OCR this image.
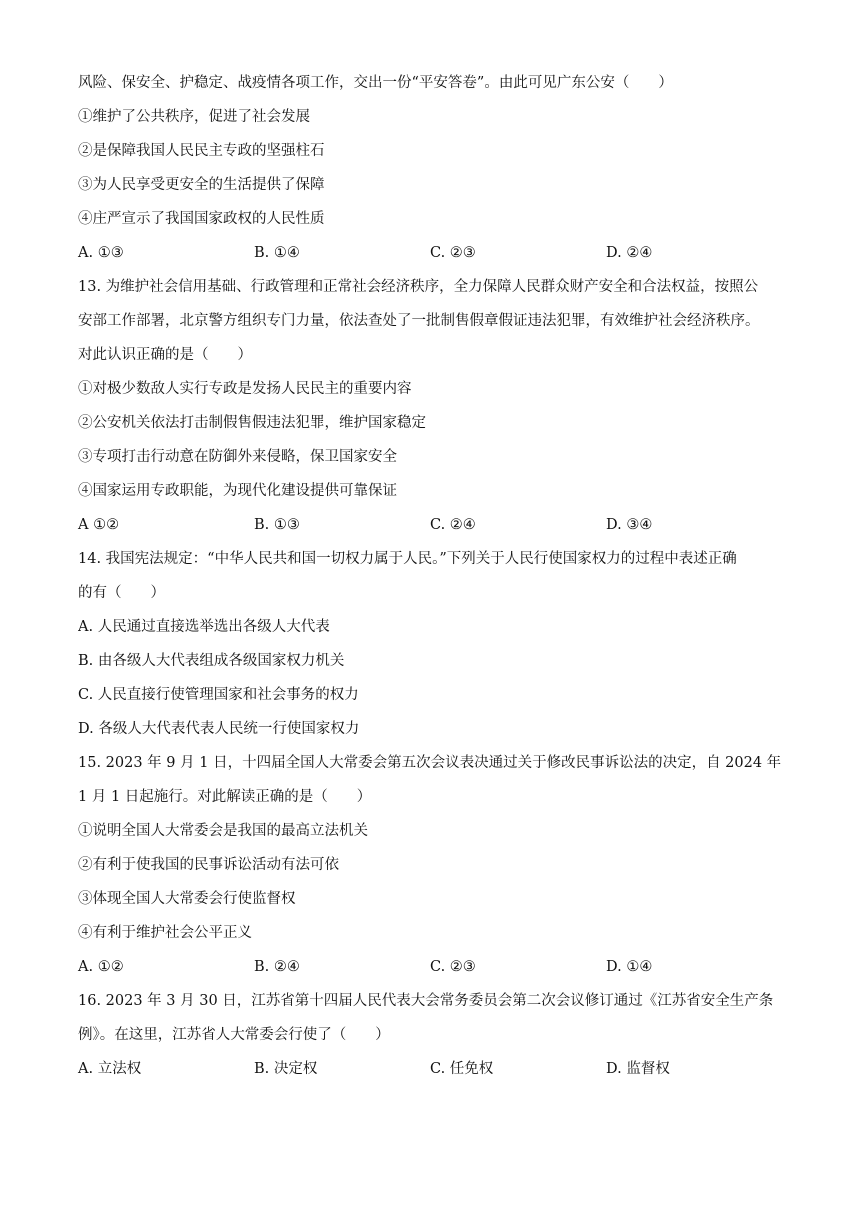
风险、保安全、护稳定、战疫情各项工作，交出一份“平安答卷”。由此可见广东公安（　　）
①维护了公共秩序，促进了社会发展
②是保障我国人民民主专政的坚强柱石
③为人民享受更安全的生活提供了保障
④庄严宣示了我国国家政权的人民性质
A. ①③	B. ①④	C. ②③	D. ②④
13. 为维护社会信用基础、行政管理和正常社会经济秩序，全力保障人民群众财产安全和合法权益，按照公
安部工作部署，北京警方组织专门力量，依法查处了一批制售假章假证违法犯罪，有效维护社会经济秩序。
对此认识正确的是（　　）
①对极少数敌人实行专政是发扬人民民主的重要内容
②公安机关依法打击制假售假违法犯罪，维护国家稳定
③专项打击行动意在防御外来侵略，保卫国家安全
④国家运用专政职能，为现代化建设提供可靠保证
A ①②	B. ①③	C. ②④	D. ③④
14. 我国宪法规定：“中华人民共和国一切权力属于人民。”下列关于人民行使国家权力的过程中表述正确
的有（　　）
A. 人民通过直接选举选出各级人大代表
B. 由各级人大代表组成各级国家权力机关
C. 人民直接行使管理国家和社会事务的权力
D. 各级人大代表代表人民统一行使国家权力
15. 2023 年 9 月 1 日，十四届全国人大常委会第五次会议表决通过关于修改民事诉讼法的决定，自 2024 年
1 月 1 日起施行。对此解读正确的是（　　）
①说明全国人大常委会是我国的最高立法机关
②有利于使我国的民事诉讼活动有法可依
③体现全国人大常委会行使监督权
④有利于维护社会公平正义
A. ①②	B. ②④	C. ②③	D. ①④
16. 2023 年 3 月 30 日，江苏省第十四届人民代表大会常务委员会第二次会议修订通过《江苏省安全生产条
例》。在这里，江苏省人大常委会行使了（　　）
A. 立法权	B. 决定权	C. 任免权	D. 监督权
